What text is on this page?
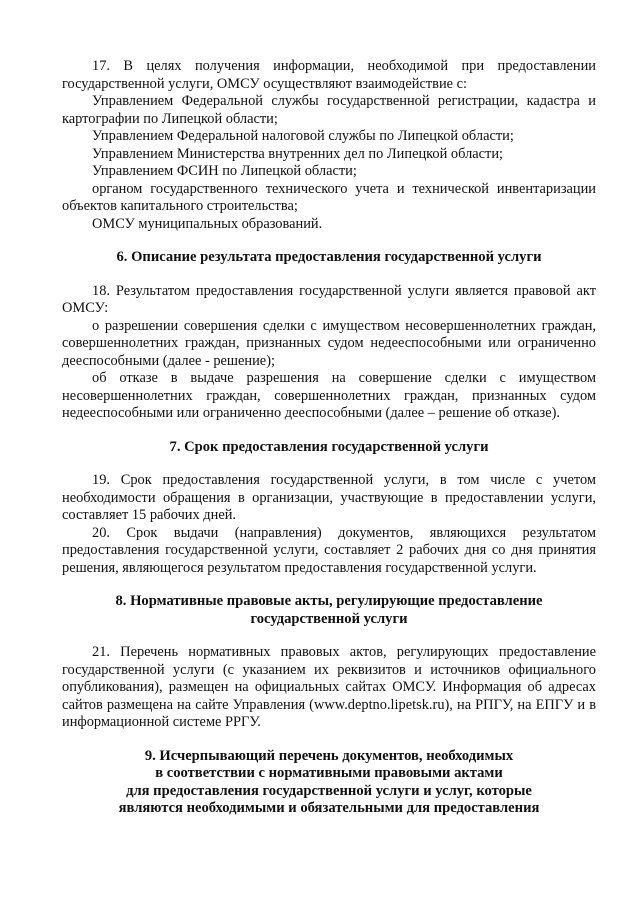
17. В целях получения информации, необходимой при предоставлении государственной услуги, ОМСУ осуществляют взаимодействие с:

Управлением Федеральной службы государственной регистрации, кадастра и картографии по Липецкой области;

Управлением Федеральной налоговой службы по Липецкой области;

Управлением Министерства внутренних дел по Липецкой области;

Управлением ФСИН по Липецкой области;

органом государственного технического учета и технической инвентаризации объектов капитального строительства;

ОМСУ муниципальных образований.

6. Описание результата предоставления государственной услуги

18. Результатом предоставления государственной услуги является правовой акт ОМСУ:

о разрешении совершения сделки с имуществом несовершеннолетних граждан, совершеннолетних граждан, признанных судом недееспособными или ограниченно дееспособными (далее - решение);

об отказе в выдаче разрешения на совершение сделки с имуществом несовершеннолетних граждан, совершеннолетних граждан, признанных судом недееспособными или ограниченно дееспособными (далее – решение об отказе).

7. Срок предоставления государственной услуги

19. Срок предоставления государственной услуги, в том числе с учетом необходимости обращения в организации, участвующие в предоставлении услуги, составляет 15 рабочих дней.

20. Срок выдачи (направления) документов, являющихся результатом предоставления государственной услуги, составляет 2 рабочих дня со дня принятия решения, являющегося результатом предоставления государственной услуги.

8. Нормативные правовые акты, регулирующие предоставление
государственной услуги

21. Перечень нормативных правовых актов, регулирующих предоставление государственной услуги (с указанием их реквизитов и источников официального опубликования), размещен на официальных сайтах ОМСУ. Информация об адресах сайтов размещена на сайте Управления (www.deptno.lipetsk.ru), на РПГУ, на ЕПГУ и в информационной системе РРГУ.

9. Исчерпывающий перечень документов, необходимых
в соответствии с нормативными правовыми актами
для предоставления государственной услуги и услуг, которые
являются необходимыми и обязательными для предоставления
